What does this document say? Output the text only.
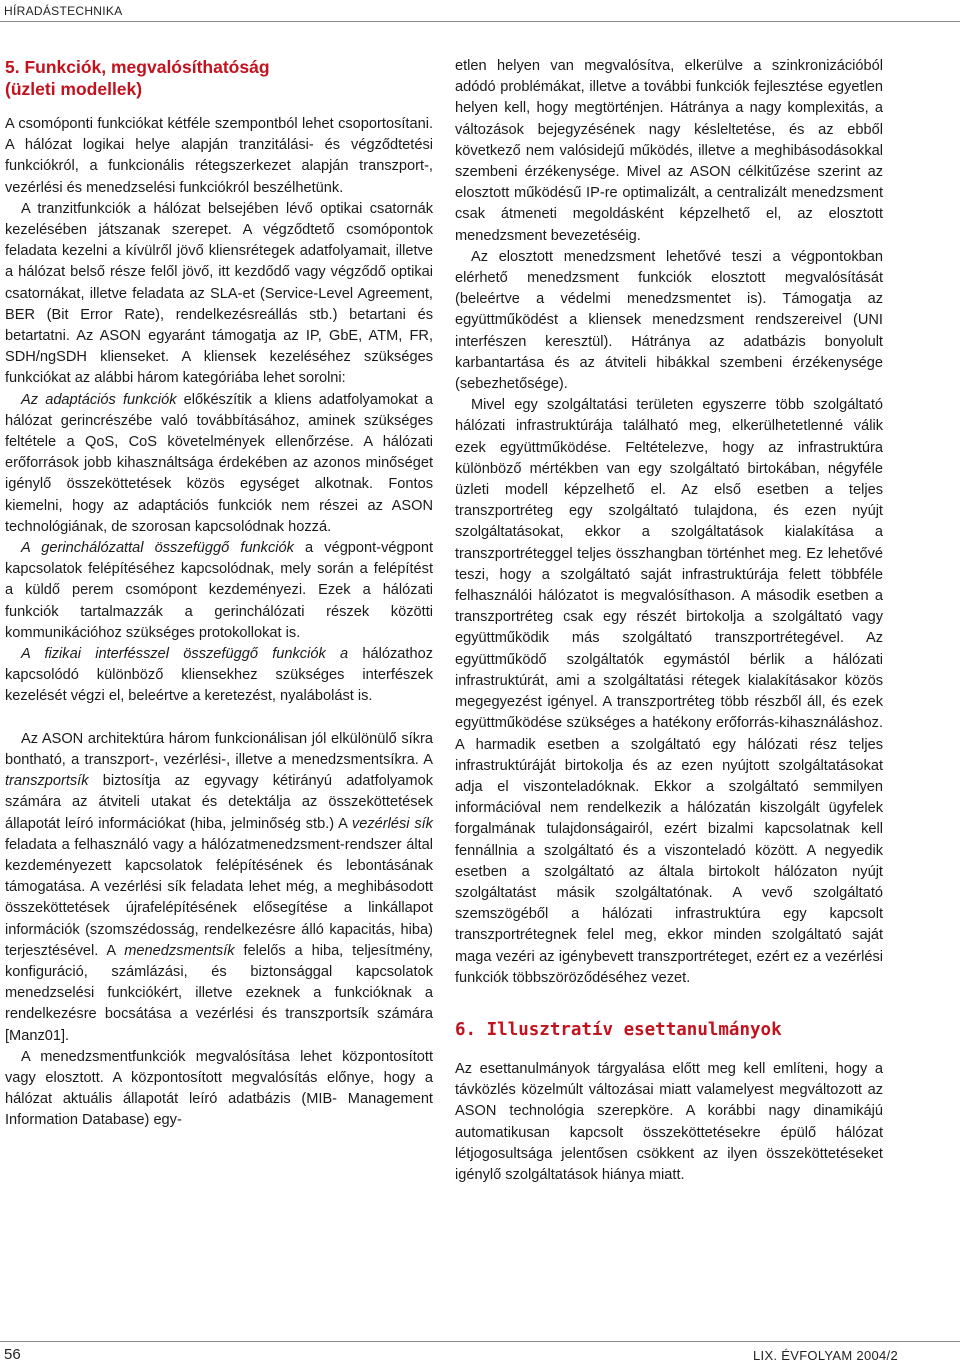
HÍRADÁSTECHNIKA
5. Funkciók, megvalósíthatóság
(üzleti modellek)

A csomóponti funkciókat kétféle szempontból lehet csoportosítani. A hálózat logikai helye alapján tranzitálási- és végződtetési funkciókról, a funkcionális rétegszerkezet alapján transzport-, vezérlési és menedzselési funkciókról beszélhetünk.

A tranzitfunkciók a hálózat belsejében lévő optikai csatornák kezelésében játszanak szerepet. A végződtető csomópontok feladata kezelni a kívülről jövő kliensrétegek adatfolyamait, illetve a hálózat belső része felől jövő, itt kezdődő vagy végződő optikai csatornákat, illetve feladata az SLA-et (Service-Level Agreement, BER (Bit Error Rate), rendelkezésreállás stb.) betartani és betartatni. Az ASON egyaránt támogatja az IP, GbE, ATM, FR, SDH/ngSDH klienseket. A kliensek kezeléséhez szükséges funkciókat az alábbi három kategóriába lehet sorolni:

Az adaptációs funkciók előkészítik a kliens adatfolyamokat a hálózat gerincrészébe való továbbításához, aminek szükséges feltétele a QoS, CoS követelmények ellenőrzése. A hálózati erőforrások jobb kihasználtsága érdekében az azonos minőséget igénylő összeköttetések közös egységet alkotnak. Fontos kiemelni, hogy az adaptációs funkciók nem részei az ASON technológiának, de szorosan kapcsolódnak hozzá.

A gerinchálózattal összefüggő funkciók a végpont-végpont kapcsolatok felépítéséhez kapcsolódnak, mely során a felépítést a küldő perem csomópont kezdeményezi. Ezek a hálózati funkciók tartalmazzák a gerinchálózati részek közötti kommunikációhoz szükséges protokollokat is.

A fizikai interfésszel összefüggő funkciók a hálózathoz kapcsolódó különböző kliensekhez szükséges interfészek kezelését végzi el, beleértve a keretezést, nyalábolást is.

Az ASON architektúra három funkcionálisan jól elkülönülő síkra bontható, a transzport-, vezérlési-, illetve a menedzsmentsíkra. A transzportsík biztosítja az egyvagy kétirányú adatfolyamok számára az átviteli utakat és detektálja az összeköttetések állapotát leíró információkat (hiba, jelminőség stb.) A vezérlési sík feladata a felhasználó vagy a hálózatmenedzsment-rendszer által kezdeményezett kapcsolatok felépítésének és lebontásának támogatása. A vezérlési sík feladata lehet még, a meghibásodott összeköttetések újrafelépítésének elősegítése a linkállapot információk (szomszédosság, rendelkezésre álló kapacitás, hiba) terjesztésével. A menedzsmentsík felelős a hiba, teljesítmény, konfiguráció, számlázási, és biztonsággal kapcsolatok menedzselési funkciókért, illetve ezeknek a funkcióknak a rendelkezésre bocsátása a vezérlési és transzportsík számára [Manz01].

A menedzsmentfunkciók megvalósítása lehet központosított vagy elosztott. A központosított megvalósítás előnye, hogy a hálózat aktuális állapotát leíró adatbázis (MIB- Management Information Database) egy-

etlen helyen van megvalósítva, elkerülve a szinkronizációból adódó problémákat, illetve a további funkciók fejlesztése egyetlen helyen kell, hogy megtörténjen. Hátránya a nagy komplexitás, a változások bejegyzésének nagy késleltetése, és az ebből következő nem valósidejű működés, illetve a meghibásodásokkal szembeni érzékenysége. Mivel az ASON célkitűzése szerint az elosztott működésű IP-re optimalizált, a centralizált menedzsment csak átmeneti megoldásként képzelhető el, az elosztott menedzsment bevezetéséig.

Az elosztott menedzsment lehetővé teszi a végpontokban elérhető menedzsment funkciók elosztott megvalósítását (beleértve a védelmi menedzsmentet is). Támogatja az együttműködést a kliensek menedzsment rendszereivel (UNI interfészen keresztül). Hátránya az adatbázis bonyolult karbantartása és az átviteli hibákkal szembeni érzékenysége (sebezhetősége).

Mivel egy szolgáltatási területen egyszerre több szolgáltató hálózati infrastruktúrája található meg, elkerülhetetlenné válik ezek együttműködése. Feltételezve, hogy az infrastruktúra különböző mértékben van egy szolgáltató birtokában, négyféle üzleti modell képzelhető el. Az első esetben a teljes transzportréteg egy szolgáltató tulajdona, és ezen nyújt szolgáltatásokat, ekkor a szolgáltatások kialakítása a transzportréteggel teljes összhangban történhet meg. Ez lehetővé teszi, hogy a szolgáltató saját infrastruktúrája felett többféle felhasználói hálózatot is megvalósíthason. A második esetben a transzportréteg csak egy részét birtokolja a szolgáltató vagy együttműködik más szolgáltató transzportrétegével. Az együttműködő szolgáltatók egymástól bérlik a hálózati infrastruktúrát, ami a szolgáltatási rétegek kialakításakor közös megegyezést igényel. A transzportréteg több részből áll, és ezek együttműködése szükséges a hatékony erőforrás-kihasználáshoz. A harmadik esetben a szolgáltató egy hálózati rész teljes infrastruktúráját birtokolja és az ezen nyújtott szolgáltatásokat adja el viszonteladóknak. Ekkor a szolgáltató semmilyen információval nem rendelkezik a hálózatán kiszolgált ügyfelek forgalmának tulajdonságairól, ezért bizalmi kapcsolatnak kell fennállnia a szolgáltató és a viszonteladó között. A negyedik esetben a szolgáltató az általa birtokolt hálózaton nyújt szolgáltatást másik szolgáltatónak. A vevő szolgáltató szemszögéből a hálózati infrastruktúra egy kapcsolt transzportrétegnek felel meg, ekkor minden szolgáltató saját maga vezéri az igénybevett transzportréteget, ezért ez a vezérlési funkciók többszöröződéséhez vezet.

6. Illusztratív esettanulmányok

Az esettanulmányok tárgyalása előtt meg kell említeni, hogy a távközlés közelmúlt változásai miatt valamelyest megváltozott az ASON technológia szerepköre. A korábbi nagy dinamikájú automatikusan kapcsolt összeköttetésekre épülő hálózat létjogosultsága jelentősen csökkent az ilyen összeköttetéseket igénylő szolgáltatások hiánya miatt.

56	LIX. ÉVFOLYAM 2004/2
